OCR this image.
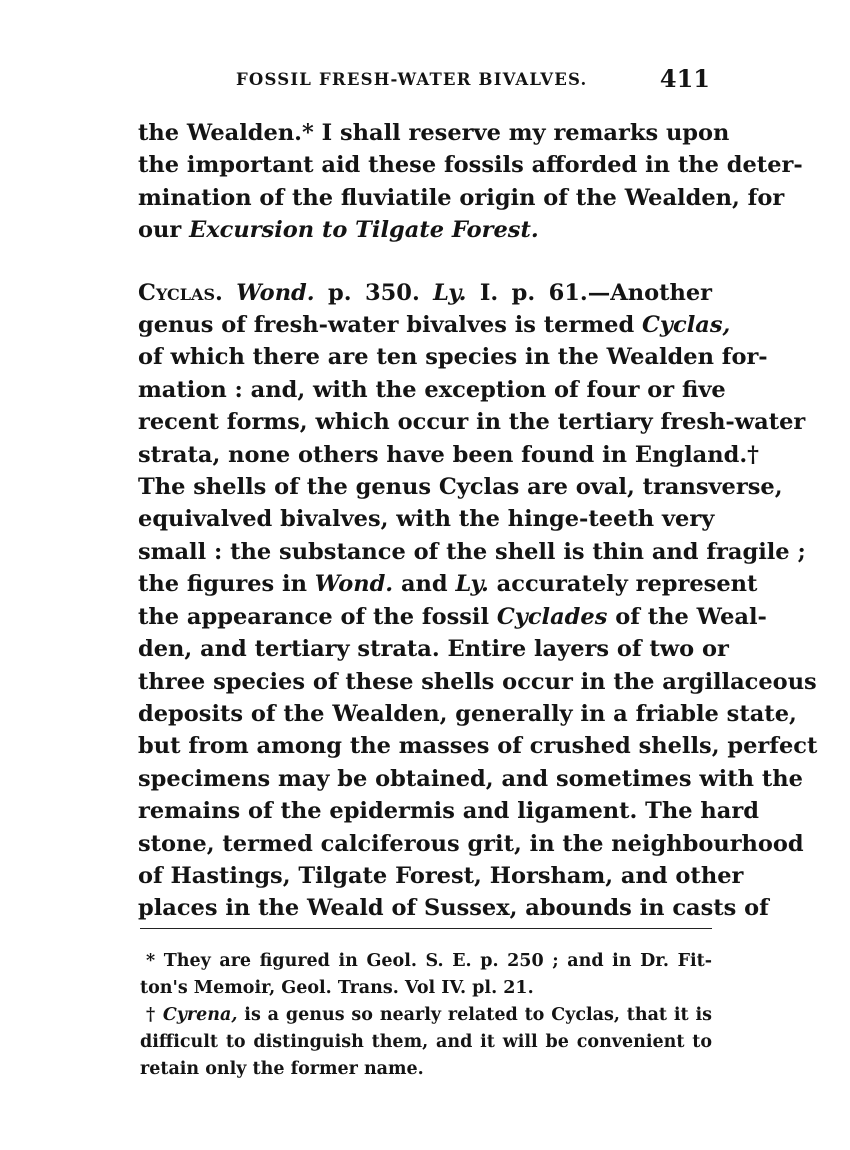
FOSSIL FRESH-WATER BIVALVES.	411
the Wealden.* I shall reserve my remarks upon
the important aid these fossils afforded in the deter-
mination of the fluviatile origin of the Wealden, for
our Excursion to Tilgate Forest.
Cyclas. Wond. p. 350. Ly. I. p. 61.—Another
genus of fresh-water bivalves is termed Cyclas,
of which there are ten species in the Wealden for-
mation : and, with the exception of four or five
recent forms, which occur in the tertiary fresh-water
strata, none others have been found in England.†
The shells of the genus Cyclas are oval, transverse,
equivalved bivalves, with the hinge-teeth very
small : the substance of the shell is thin and fragile ;
the figures in Wond. and Ly. accurately represent
the appearance of the fossil Cyclades of the Weal-
den, and tertiary strata. Entire layers of two or
three species of these shells occur in the argillaceous
deposits of the Wealden, generally in a friable state,
but from among the masses of crushed shells, perfect
specimens may be obtained, and sometimes with the
remains of the epidermis and ligament. The hard
stone, termed calciferous grit, in the neighbourhood
of Hastings, Tilgate Forest, Horsham, and other
places in the Weald of Sussex, abounds in casts of
* They are figured in Geol. S. E. p. 250 ; and in Dr. Fit-
ton's Memoir, Geol. Trans. Vol IV. pl. 21.
† Cyrena, is a genus so nearly related to Cyclas, that it is
difficult to distinguish them, and it will be convenient to
retain only the former name.
